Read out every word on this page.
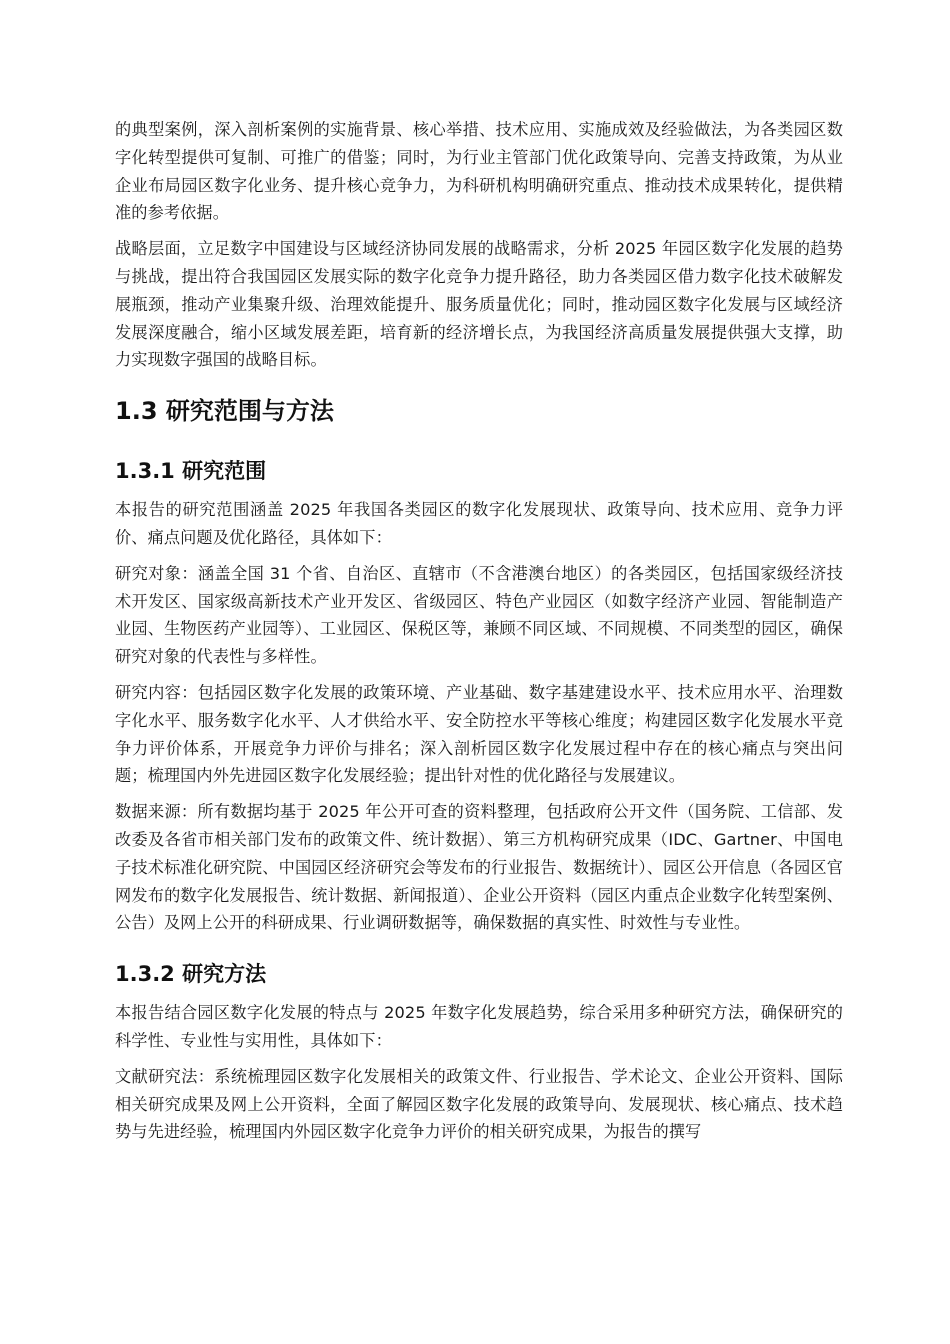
的典型案例，深入剖析案例的实施背景、核心举措、技术应用、实施成效及经验做法，为各类园区数字化转型提供可复制、可推广的借鉴；同时，为行业主管部门优化政策导向、完善支持政策，为从业企业布局园区数字化业务、提升核心竞争力，为科研机构明确研究重点、推动技术成果转化，提供精准的参考依据。

战略层面，立足数字中国建设与区域经济协同发展的战略需求，分析 2025 年园区数字化发展的趋势与挑战，提出符合我国园区发展实际的数字化竞争力提升路径，助力各类园区借力数字化技术破解发展瓶颈，推动产业集聚升级、治理效能提升、服务质量优化；同时，推动园区数字化发展与区域经济发展深度融合，缩小区域发展差距，培育新的经济增长点，为我国经济高质量发展提供强大支撑，助力实现数字强国的战略目标。

1.3 研究范围与方法
1.3.1 研究范围

本报告的研究范围涵盖 2025 年我国各类园区的数字化发展现状、政策导向、技术应用、竞争力评价、痛点问题及优化路径，具体如下：

研究对象：涵盖全国 31 个省、自治区、直辖市（不含港澳台地区）的各类园区，包括国家级经济技术开发区、国家级高新技术产业开发区、省级园区、特色产业园区（如数字经济产业园、智能制造产业园、生物医药产业园等）、工业园区、保税区等，兼顾不同区域、不同规模、不同类型的园区，确保研究对象的代表性与多样性。

研究内容：包括园区数字化发展的政策环境、产业基础、数字基建建设水平、技术应用水平、治理数字化水平、服务数字化水平、人才供给水平、安全防控水平等核心维度；构建园区数字化发展水平竞争力评价体系，开展竞争力评价与排名；深入剖析园区数字化发展过程中存在的核心痛点与突出问题；梳理国内外先进园区数字化发展经验；提出针对性的优化路径与发展建议。

数据来源：所有数据均基于 2025 年公开可查的资料整理，包括政府公开文件（国务院、工信部、发改委及各省市相关部门发布的政策文件、统计数据）、第三方机构研究成果（IDC、Gartner、中国电子技术标准化研究院、中国园区经济研究会等发布的行业报告、数据统计）、园区公开信息（各园区官网发布的数字化发展报告、统计数据、新闻报道）、企业公开资料（园区内重点企业数字化转型案例、公告）及网上公开的科研成果、行业调研数据等，确保数据的真实性、时效性与专业性。

1.3.2 研究方法

本报告结合园区数字化发展的特点与 2025 年数字化发展趋势，综合采用多种研究方法，确保研究的科学性、专业性与实用性，具体如下：

文献研究法：系统梳理园区数字化发展相关的政策文件、行业报告、学术论文、企业公开资料、国际相关研究成果及网上公开资料，全面了解园区数字化发展的政策导向、发展现状、核心痛点、技术趋势与先进经验，梳理国内外园区数字化竞争力评价的相关研究成果，为报告的撰写
